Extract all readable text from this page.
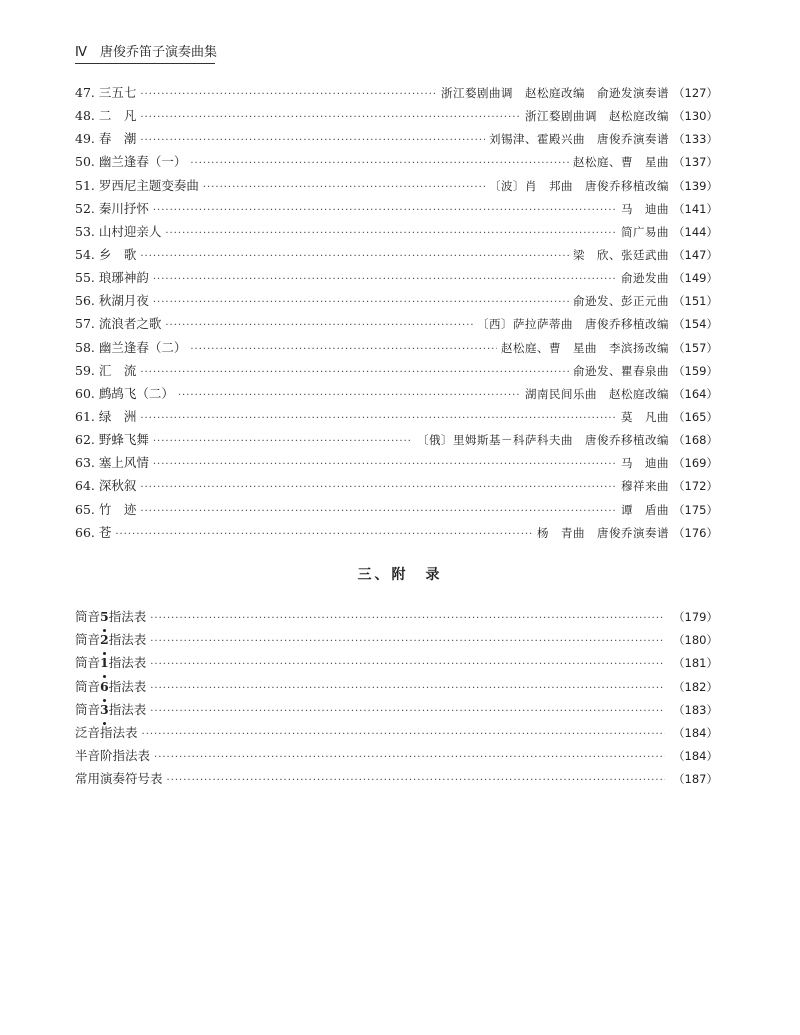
Ⅳ　唐俊乔笛子演奏曲集
47. 三五七 ·····	浙江婺剧曲调　赵松庭改编　俞逊发演奏谱 （127）
48. 二　凡 ·····	浙江婺剧曲调　赵松庭改编 （130）
49. 春　潮 ·····	刘锡津、霍殿兴曲　唐俊乔演奏谱 （133）
50. 幽兰逢春（一） ·····	赵松庭、曹　星曲 （137）
51. 罗西尼主题变奏曲 ·····	〔波〕肖　邦曲　唐俊乔移植改编 （139）
52. 秦川抒怀 ·····	马　迪曲 （141）
53. 山村迎亲人 ·····	简广易曲 （144）
54. 乡　歌 ·····	梁　欣、张廷武曲 （147）
55. 琅琊神韵 ·····	俞逊发曲 （149）
56. 秋湖月夜 ·····	俞逊发、彭正元曲 （151）
57. 流浪者之歌 ·····	〔西〕萨拉萨蒂曲　唐俊乔移植改编 （154）
58. 幽兰逢春（二） ·····	赵松庭、曹　星曲　李滨扬改编 （157）
59. 汇　流 ·····	俞逊发、瞿春泉曲 （159）
60. 鹧鸪飞（二） ·····	湖南民间乐曲　赵松庭改编 （164）
61. 绿　洲 ·····	莫　凡曲 （165）
62. 野蜂飞舞 ·····	〔俄〕里姆斯基－科萨科夫曲　唐俊乔移植改编 （168）
63. 塞上风情 ·····	马　迪曲 （169）
64. 深秋叙 ·····	穆祥来曲 （172）
65. 竹　迹 ·····	谭　盾曲 （175）
66. 苍 ·····	杨　青曲　唐俊乔演奏谱 （176）
三、附　录
筒音5指法表 ·····	（179）
筒音2指法表 ·····	（180）
筒音1指法表 ·····	（181）
筒音6指法表 ·····	（182）
筒音3指法表 ·····	（183）
泛音指法表 ·····	（184）
半音阶指法表 ·····	（184）
常用演奏符号表 ·····	（187）
